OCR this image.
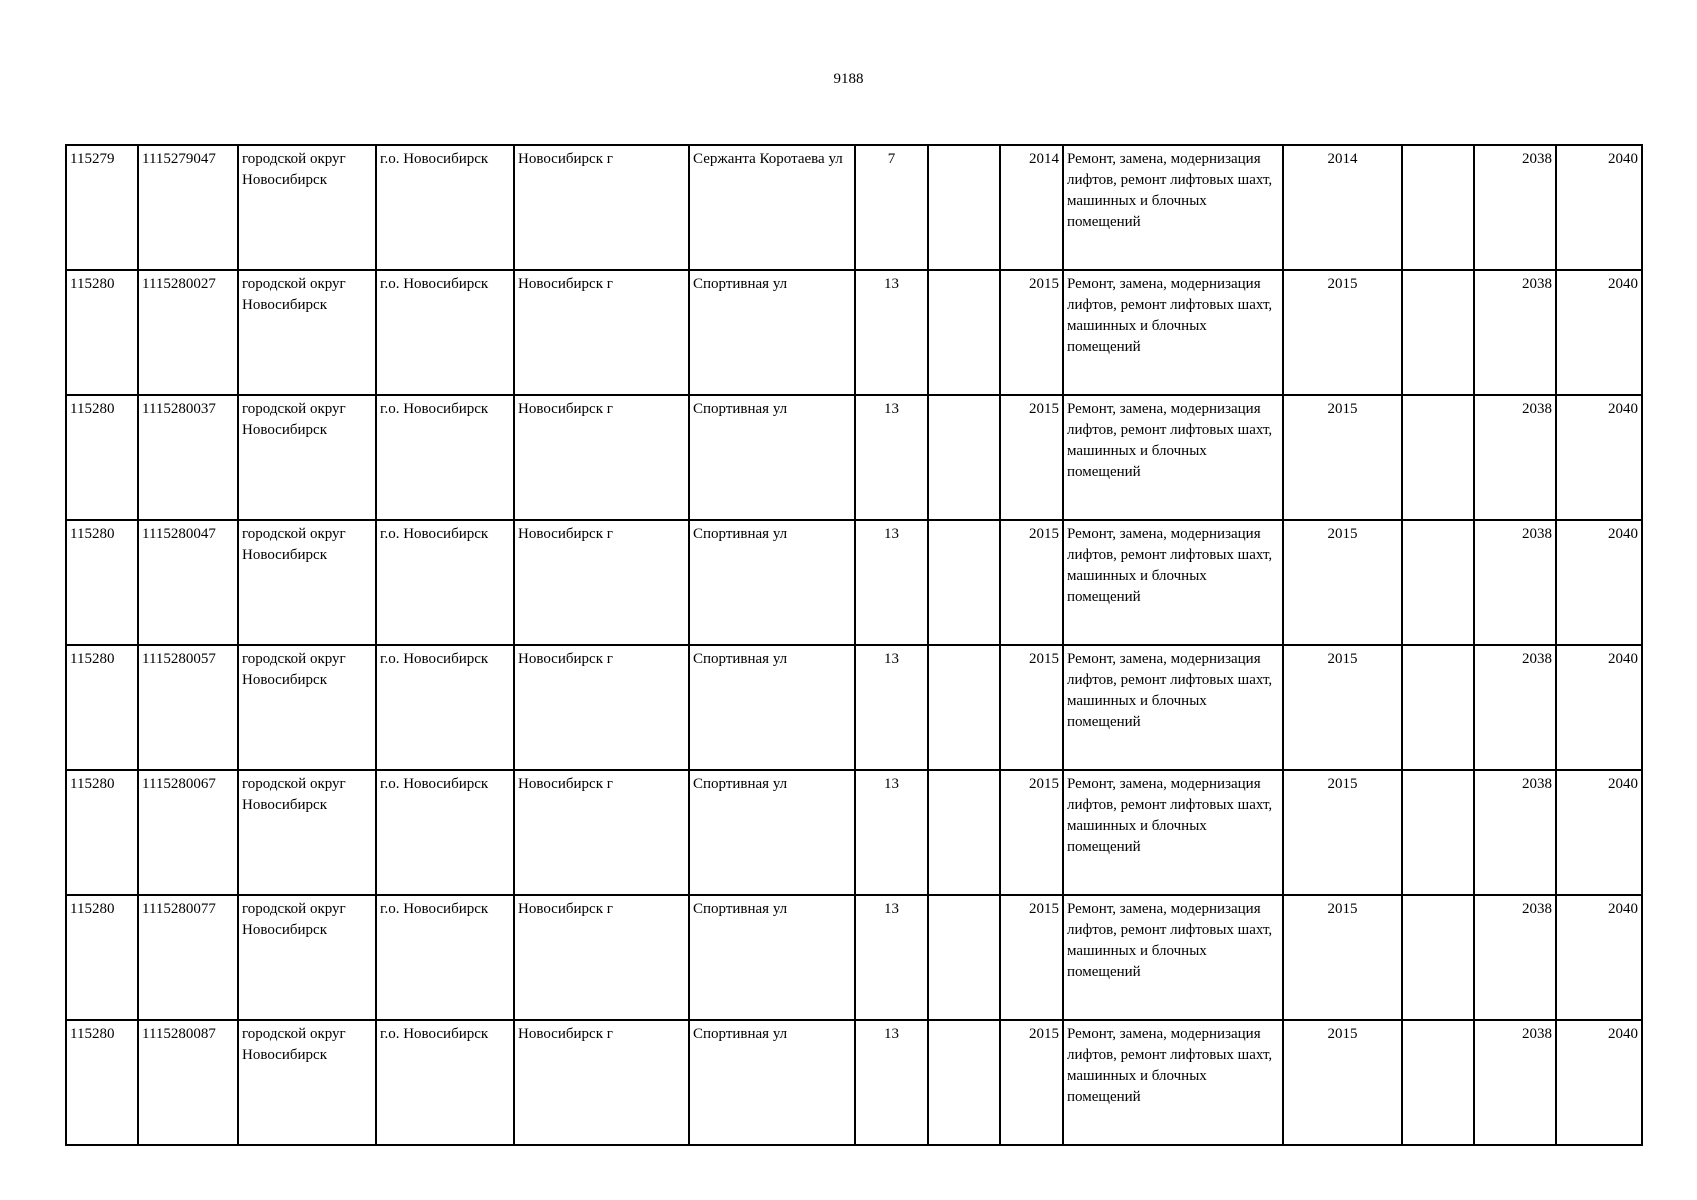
9188
115279	1115279047	городской округ Новосибирск	г.о. Новосибирск	Новосибирск г	Сержанта Коротаева ул	7		2014	Ремонт, замена, модернизация лифтов, ремонт лифтовых шахт, машинных и блочных помещений	2014		2038	2040
115280	1115280027	городской округ Новосибирск	г.о. Новосибирск	Новосибирск г	Спортивная ул	13		2015	Ремонт, замена, модернизация лифтов, ремонт лифтовых шахт, машинных и блочных помещений	2015		2038	2040
115280	1115280037	городской округ Новосибирск	г.о. Новосибирск	Новосибирск г	Спортивная ул	13		2015	Ремонт, замена, модернизация лифтов, ремонт лифтовых шахт, машинных и блочных помещений	2015		2038	2040
115280	1115280047	городской округ Новосибирск	г.о. Новосибирск	Новосибирск г	Спортивная ул	13		2015	Ремонт, замена, модернизация лифтов, ремонт лифтовых шахт, машинных и блочных помещений	2015		2038	2040
115280	1115280057	городской округ Новосибирск	г.о. Новосибирск	Новосибирск г	Спортивная ул	13		2015	Ремонт, замена, модернизация лифтов, ремонт лифтовых шахт, машинных и блочных помещений	2015		2038	2040
115280	1115280067	городской округ Новосибирск	г.о. Новосибирск	Новосибирск г	Спортивная ул	13		2015	Ремонт, замена, модернизация лифтов, ремонт лифтовых шахт, машинных и блочных помещений	2015		2038	2040
115280	1115280077	городской округ Новосибирск	г.о. Новосибирск	Новосибирск г	Спортивная ул	13		2015	Ремонт, замена, модернизация лифтов, ремонт лифтовых шахт, машинных и блочных помещений	2015		2038	2040
115280	1115280087	городской округ Новосибирск	г.о. Новосибирск	Новосибирск г	Спортивная ул	13		2015	Ремонт, замена, модернизация лифтов, ремонт лифтовых шахт, машинных и блочных помещений	2015		2038	2040
